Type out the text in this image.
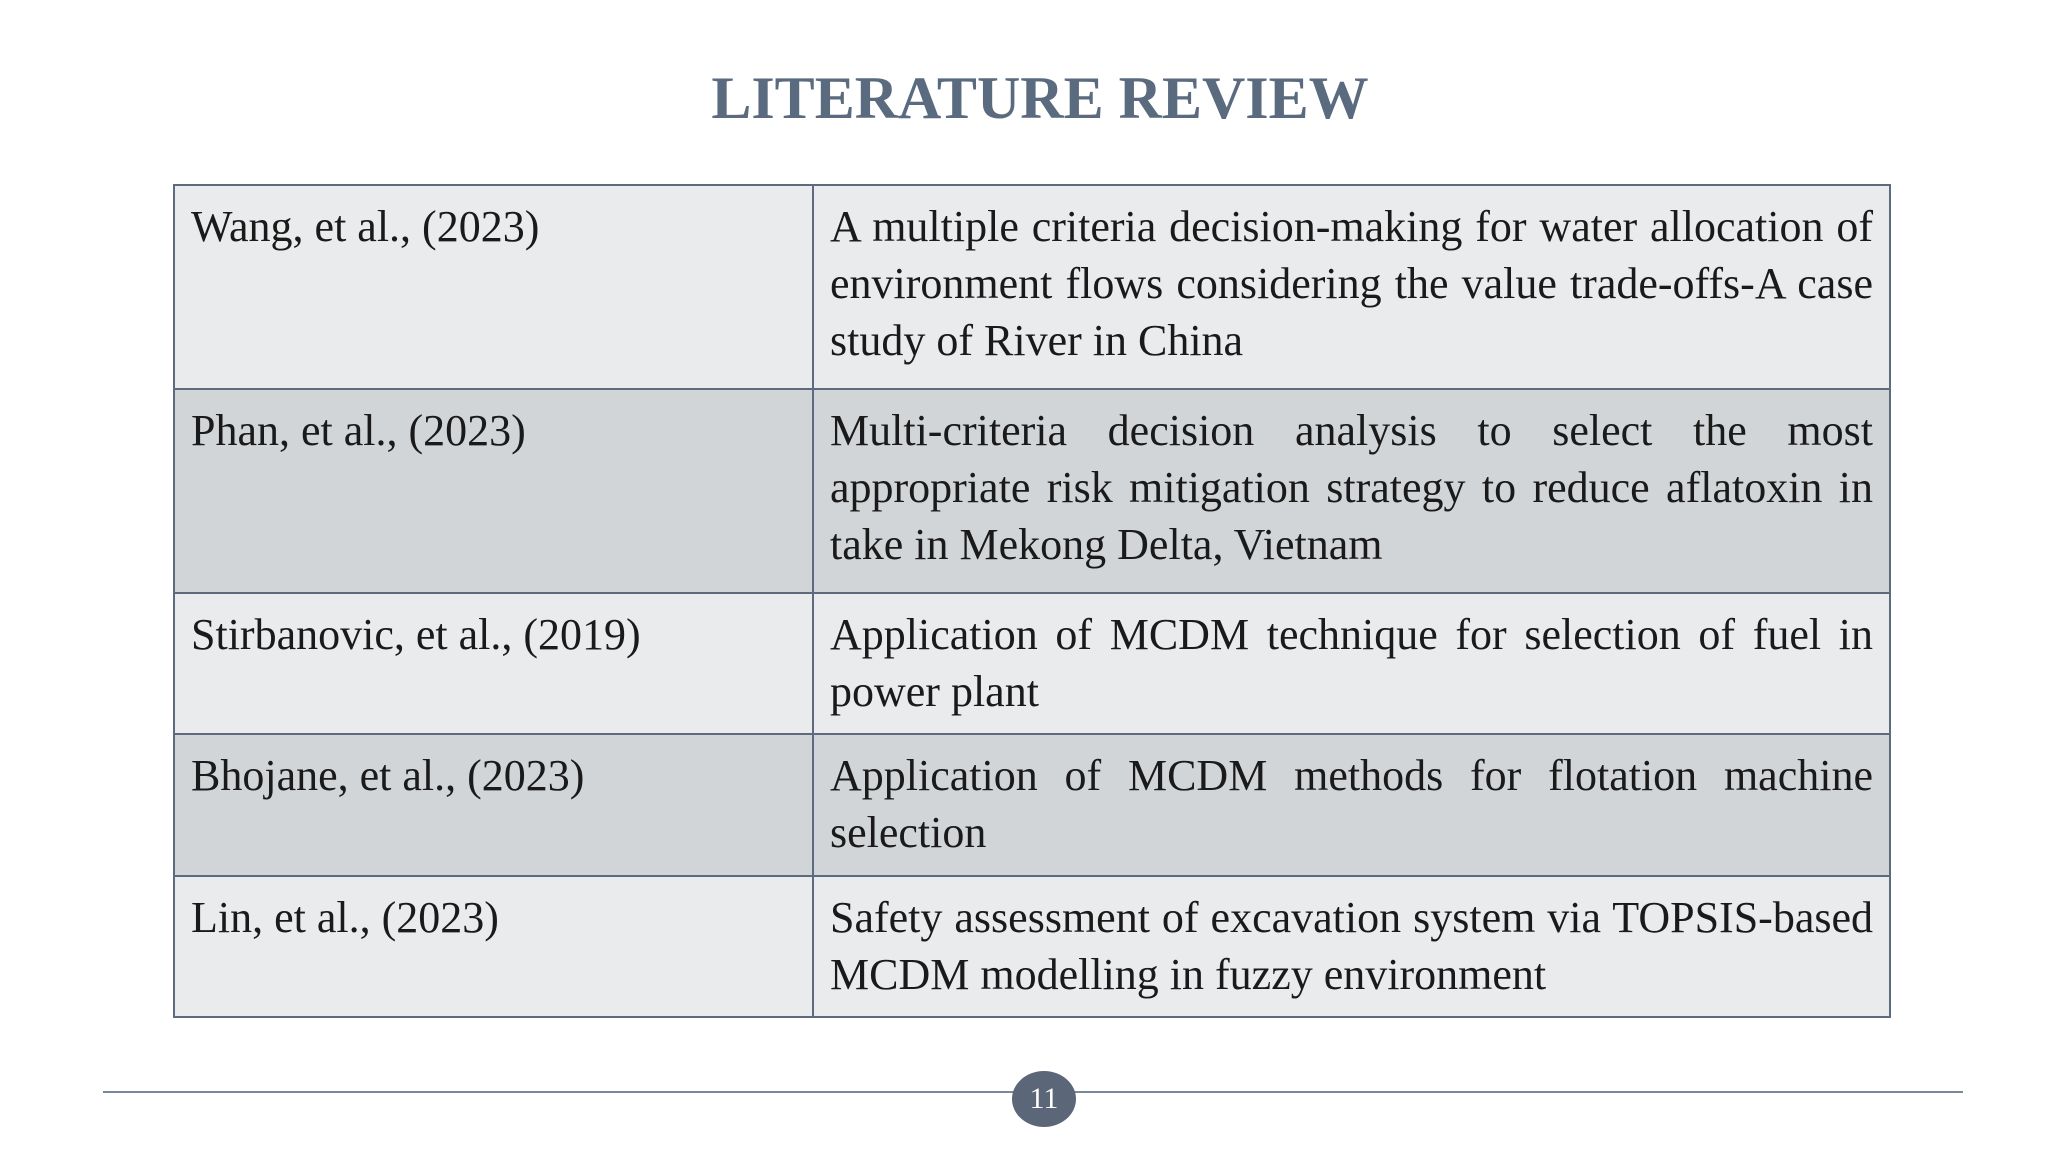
LITERATURE REVIEW
Wang, et al., (2023)	A multiple criteria decision-making for water allocation of environment flows considering the value trade-offs-A case study of River in China
Phan, et al., (2023)	Multi-criteria decision analysis to select the most appropriate risk mitigation strategy to reduce aflatoxin in take in Mekong Delta, Vietnam
Stirbanovic, et al., (2019)	Application of MCDM technique for selection of fuel in power plant
Bhojane, et al., (2023)	Application of MCDM methods for flotation machine selection
Lin, et al., (2023)	Safety assessment of excavation system via TOPSIS-based MCDM modelling in fuzzy environment
11
